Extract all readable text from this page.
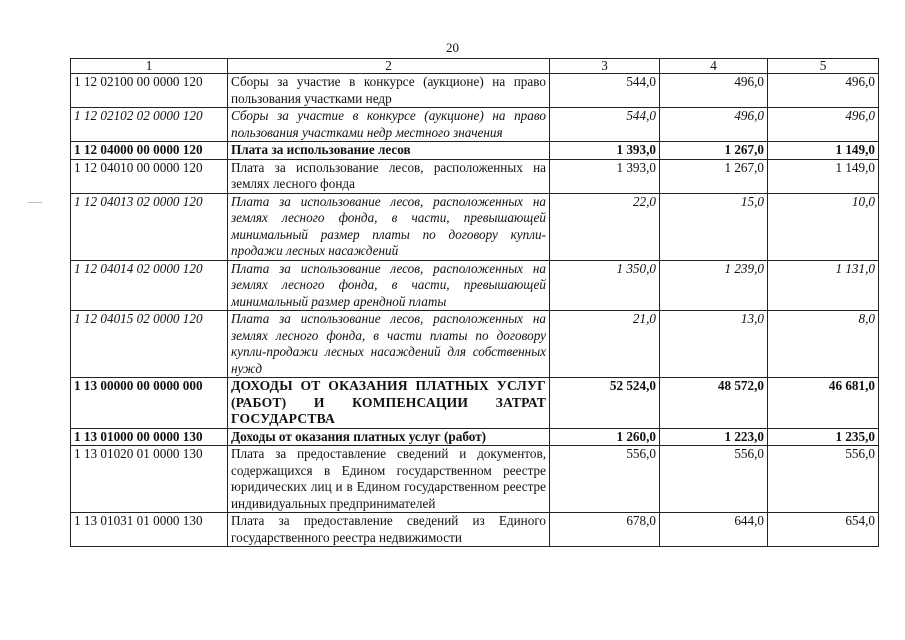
20
1	2	3	4	5
1 12 02100 00 0000 120	Сборы за участие в конкурсе (аукционе) на право пользования участками недр	544,0	496,0	496,0
1 12 02102 02 0000 120	Сборы за участие в конкурсе (аукционе) на право пользования участками недр местного значения	544,0	496,0	496,0
1 12 04000 00 0000 120	Плата за использование лесов	1 393,0	1 267,0	1 149,0
1 12 04010 00 0000 120	Плата за использование лесов, расположенных на землях лесного фонда	1 393,0	1 267,0	1 149,0
1 12 04013 02 0000 120	Плата за использование лесов, расположенных на землях лесного фонда, в части, превышающей минимальный размер платы по договору купли-продажи лесных насаждений	22,0	15,0	10,0
1 12 04014 02 0000 120	Плата за использование лесов, расположенных на землях лесного фонда, в части, превышающей минимальный размер арендной платы	1 350,0	1 239,0	1 131,0
1 12 04015 02 0000 120	Плата за использование лесов, расположенных на землях лесного фонда, в части платы по договору купли-продажи лесных насаждений для собственных нужд	21,0	13,0	8,0
1 13 00000 00 0000 000	ДОХОДЫ ОТ ОКАЗАНИЯ ПЛАТНЫХ УСЛУГ (РАБОТ) И КОМПЕНСАЦИИ ЗАТРАТ ГОСУДАРСТВА	52 524,0	48 572,0	46 681,0
1 13 01000 00 0000 130	Доходы от оказания платных услуг (работ)	1 260,0	1 223,0	1 235,0
1 13 01020 01 0000 130	Плата за предоставление сведений и документов, содержащихся в Едином государственном реестре юридических лиц и в Едином государственном реестре индивидуальных предпринимателей	556,0	556,0	556,0
1 13 01031 01 0000 130	Плата за предоставление сведений из Единого государственного реестра недвижимости	678,0	644,0	654,0
